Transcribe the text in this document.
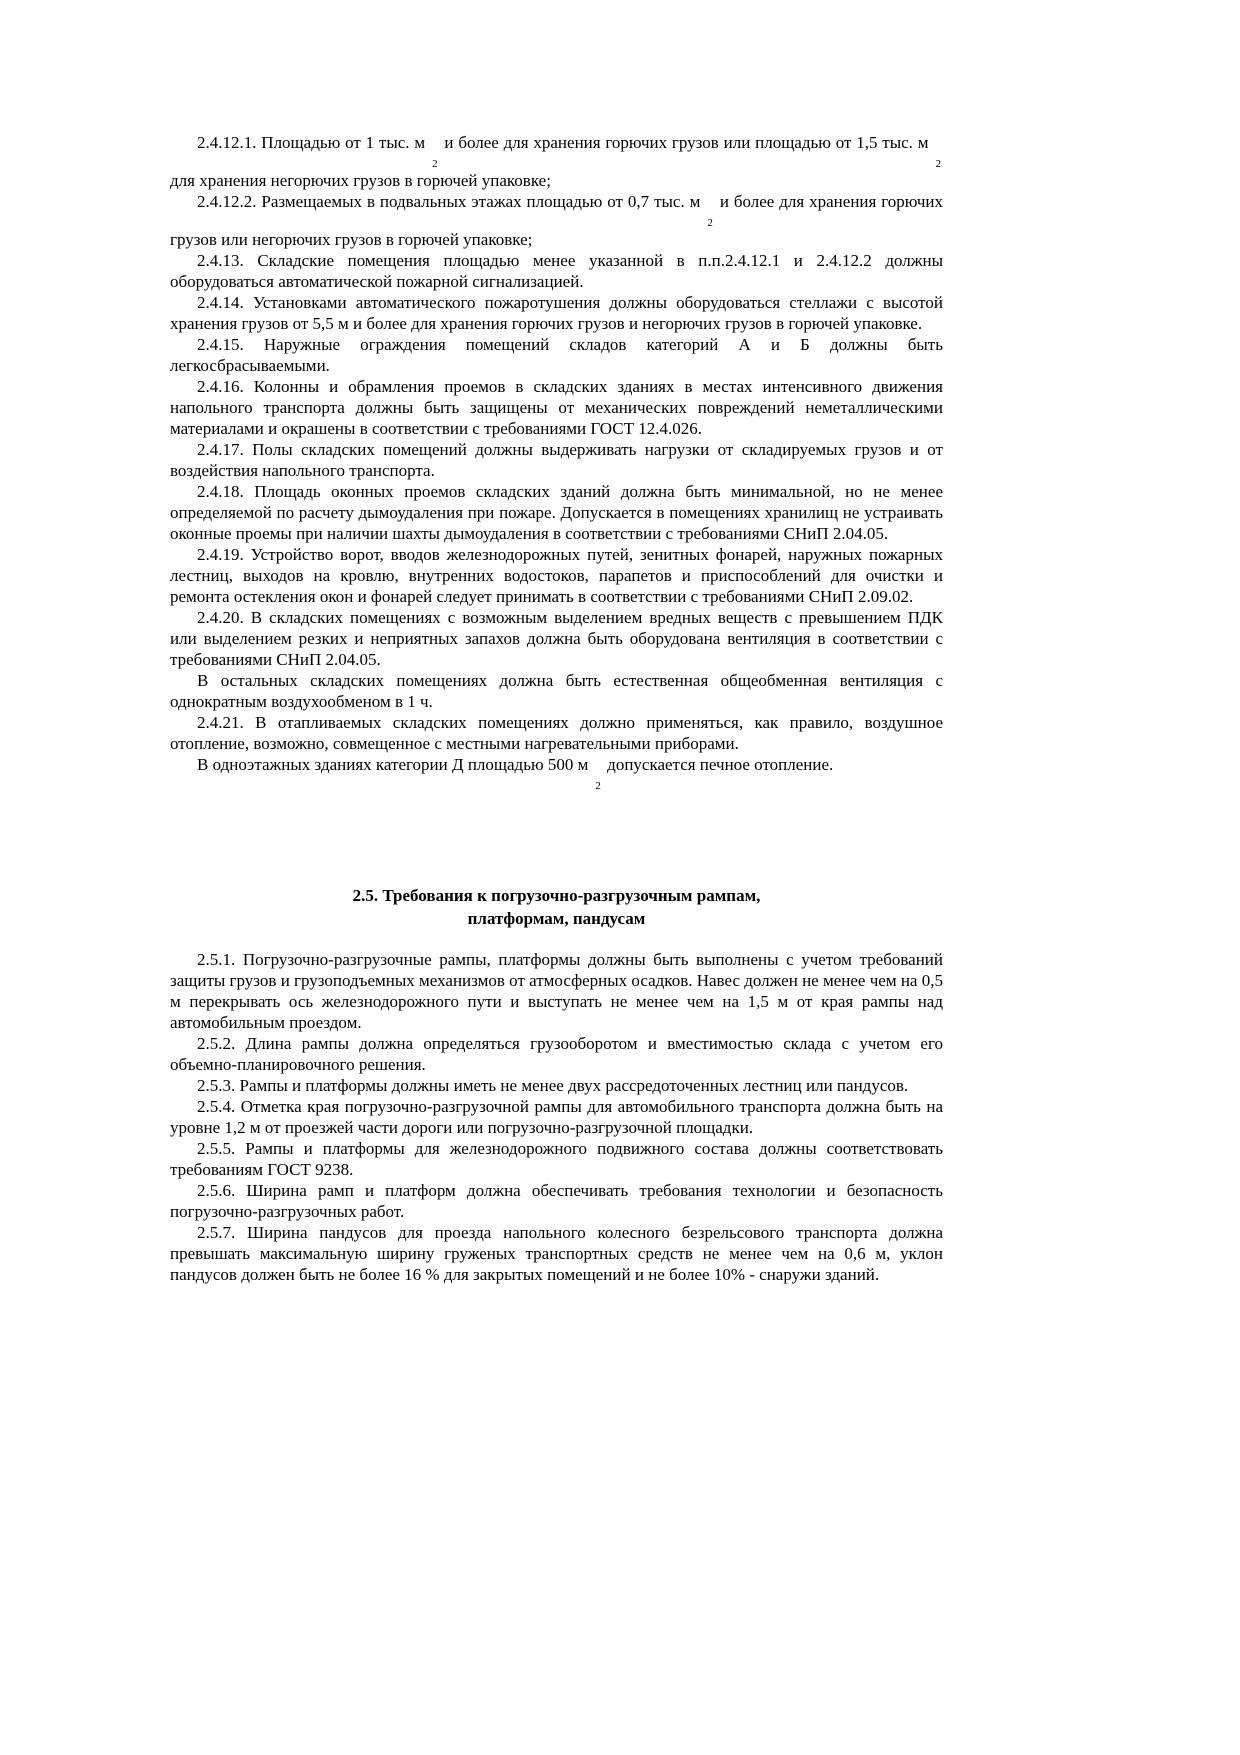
2.4.12.1. Площадью от 1 тыс. $м_2$ и более для хранения горючих грузов или площадью от 1,5 тыс. $м_2$ для хранения негорючих грузов в горючей упаковке;

2.4.12.2. Размещаемых в подвальных этажах площадью от 0,7 тыс. $м_2$ и более для хранения горючих грузов или негорючих грузов в горючей упаковке;

2.4.13. Складские помещения площадью менее указанной в п.п.2.4.12.1 и 2.4.12.2 должны оборудоваться автоматической пожарной сигнализацией.

2.4.14. Установками автоматического пожаротушения должны оборудоваться стеллажи с высотой хранения грузов от 5,5 м и более для хранения горючих грузов и негорючих грузов в горючей упаковке.

2.4.15. Наружные ограждения помещений складов категорий А и Б должны быть легкосбрасываемыми.

2.4.16. Колонны и обрамления проемов в складских зданиях в местах интенсивного движения напольного транспорта должны быть защищены от механических повреждений неметаллическими материалами и окрашены в соответствии с требованиями ГОСТ 12.4.026.

2.4.17. Полы складских помещений должны выдерживать нагрузки от складируемых грузов и от воздействия напольного транспорта.

2.4.18. Площадь оконных проемов складских зданий должна быть минимальной, но не менее определяемой по расчету дымоудаления при пожаре. Допускается в помещениях хранилищ не устраивать оконные проемы при наличии шахты дымоудаления в соответствии с требованиями СНиП 2.04.05.

2.4.19. Устройство ворот, вводов железнодорожных путей, зенитных фонарей, наружных пожарных лестниц, выходов на кровлю, внутренних водостоков, парапетов и приспособлений для очистки и ремонта остекления окон и фонарей следует принимать в соответствии с требованиями СНиП 2.09.02.

2.4.20. В складских помещениях с возможным выделением вредных веществ с превышением ПДК или выделением резких и неприятных запахов должна быть оборудована вентиляция в соответствии с требованиями СНиП 2.04.05.

В остальных складских помещениях должна быть естественная общеобменная вентиляция с однократным воздухообменом в 1 ч.

2.4.21. В отапливаемых складских помещениях должно применяться, как правило, воздушное отопление, возможно, совмещенное с местными нагревательными приборами.

В одноэтажных зданиях категории Д площадью 500 $м_2$ допускается печное отопление.

2.5. Требования к погрузочно-разгрузочным рампам,
платформам, пандусам

2.5.1. Погрузочно-разгрузочные рампы, платформы должны быть выполнены с учетом требований защиты грузов и грузоподъемных механизмов от атмосферных осадков. Навес должен не менее чем на 0,5 м перекрывать ось железнодорожного пути и выступать не менее чем на 1,5 м от края рампы над автомобильным проездом.

2.5.2. Длина рампы должна определяться грузооборотом и вместимостью склада с учетом его объемно-планировочного решения.

2.5.3. Рампы и платформы должны иметь не менее двух рассредоточенных лестниц или пандусов.

2.5.4. Отметка края погрузочно-разгрузочной рампы для автомобильного транспорта должна быть на уровне 1,2 м от проезжей части дороги или погрузочно-разгрузочной площадки.

2.5.5. Рампы и платформы для железнодорожного подвижного состава должны соответствовать требованиям ГОСТ 9238.

2.5.6. Ширина рамп и платформ должна обеспечивать требования технологии и безопасность погрузочно-разгрузочных работ.

2.5.7. Ширина пандусов для проезда напольного колесного безрельсового транспорта должна превышать максимальную ширину груженых транспортных средств не менее чем на 0,6 м, уклон пандусов должен быть не более 16 % для закрытых помещений и не более 10% - снаружи зданий.
